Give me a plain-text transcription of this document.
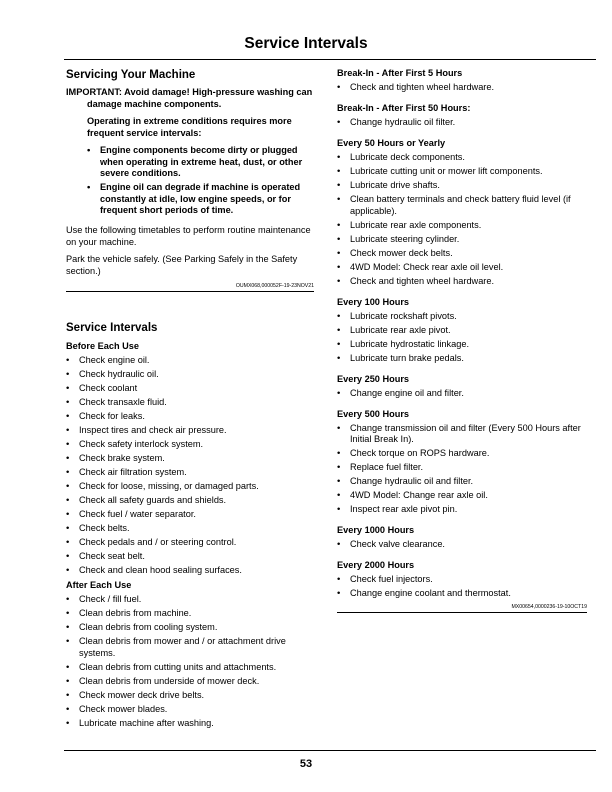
Service Intervals
Servicing Your Machine
IMPORTANT: Avoid damage! High-pressure washing can damage machine components.
Operating in extreme conditions requires more frequent service intervals:
• Engine components become dirty or plugged when operating in extreme heat, dust, or other severe conditions.
• Engine oil can degrade if machine is operated constantly at idle, low engine speeds, or for frequent short periods of time.
Use the following timetables to perform routine maintenance on your machine.
Park the vehicle safely. (See Parking Safely in the Safety section.)
OUMX068,000052F-19-23NOV21
Service Intervals
Before Each Use
• Check engine oil.
• Check hydraulic oil.
• Check coolant
• Check transaxle fluid.
• Check for leaks.
• Inspect tires and check air pressure.
• Check safety interlock system.
• Check brake system.
• Check air filtration system.
• Check for loose, missing, or damaged parts.
• Check all safety guards and shields.
• Check fuel / water separator.
• Check belts.
• Check pedals and / or steering control.
• Check seat belt.
• Check and clean hood sealing surfaces.
After Each Use
• Check / fill fuel.
• Clean debris from machine.
• Clean debris from cooling system.
• Clean debris from mower and / or attachment drive systems.
• Clean debris from cutting units and attachments.
• Clean debris from underside of mower deck.
• Check mower deck drive belts.
• Check mower blades.
• Lubricate machine after washing.
Break-In - After First 5 Hours
• Check and tighten wheel hardware.
Break-In - After First 50 Hours:
• Change hydraulic oil filter.
Every 50 Hours or Yearly
• Lubricate deck components.
• Lubricate cutting unit or mower lift components.
• Lubricate drive shafts.
• Clean battery terminals and check battery fluid level (if applicable).
• Lubricate rear axle components.
• Lubricate steering cylinder.
• Check mower deck belts.
• 4WD Model: Check rear axle oil level.
• Check and tighten wheel hardware.
Every 100 Hours
• Lubricate rockshaft pivots.
• Lubricate rear axle pivot.
• Lubricate hydrostatic linkage.
• Lubricate turn brake pedals.
Every 250 Hours
• Change engine oil and filter.
Every 500 Hours
• Change transmission oil and filter (Every 500 Hours after Initial Break In).
• Check torque on ROPS hardware.
• Replace fuel filter.
• Change hydraulic oil and filter.
• 4WD Model: Change rear axle oil.
• Inspect rear axle pivot pin.
Every 1000 Hours
• Check valve clearance.
Every 2000 Hours
• Check fuel injectors.
• Change engine coolant and thermostat.
MX00654,0000236-19-10OCT19
53
